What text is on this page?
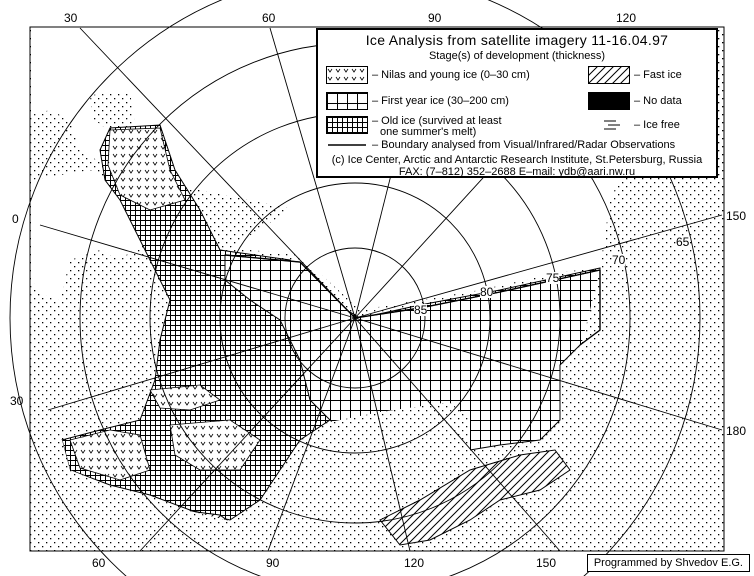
30	60	90	120
60	90	120	150
0
30
150
180
85
80
75
70
65
Ice Analysis from satellite imagery 11-16.04.97
Stage(s) of development (thickness)
– Nilas and young ice (0–30 cm)	– Fast ice
– First year ice (30–200 cm)	– No data
– Old ice (survived at least
one summer's melt)
– Ice free
– Boundary analysed from Visual/Infrared/Radar Observations
(c) Ice Center, Arctic and Antarctic Research Institute, St.Petersburg, Russia
FAX: (7–812) 352–2688 E–mail: ydb@aari.nw.ru
Programmed by Shvedov E.G.
